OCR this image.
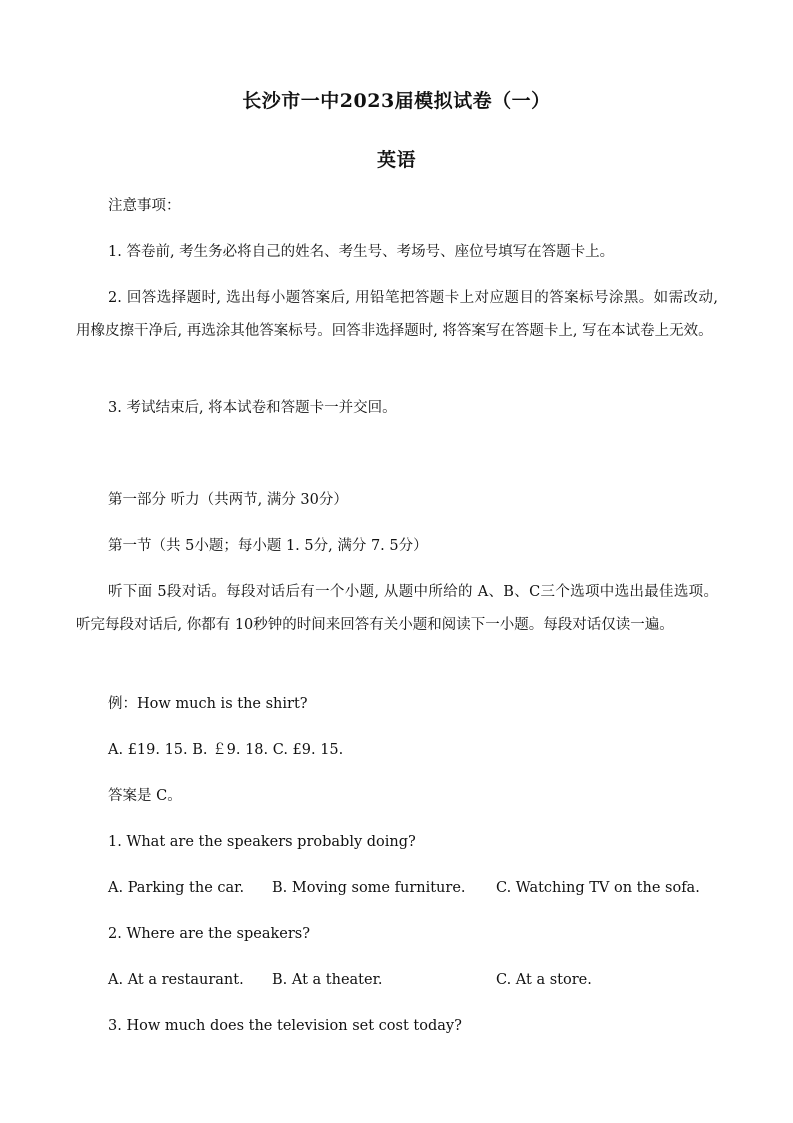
长沙市一中2023届模拟试卷（一）
英语
注意事项：
1. 答卷前, 考生务必将自己的姓名、考生号、考场号、座位号填写在答题卡上。
2. 回答选择题时, 选出每小题答案后, 用铅笔把答题卡上对应题目的答案标号涂黑。如需改动, 用橡皮擦干净后, 再选涂其他答案标号。回答非选择题时, 将答案写在答题卡上, 写在本试卷上无效。
3. 考试结束后, 将本试卷和答题卡一并交回。
第一部分 听力（共两节, 满分 30分）
第一节（共 5小题；每小题 1. 5分, 满分 7. 5分）
听下面 5段对话。每段对话后有一个小题, 从题中所给的 A、B、C三个选项中选出最佳选项。听完每段对话后, 你都有 10秒钟的时间来回答有关小题和阅读下一小题。每段对话仅读一遍。
例：How much is the shirt?
A. £19. 15. B. ￡9. 18. C. £9. 15.
答案是 C。
1. What are the speakers probably doing?
A. Parking the car. B. Moving some furniture. C. Watching TV on the sofa.
2. Where are the speakers?
A. At a restaurant. B. At a theater.	C. At a store.
3. How much does the television set cost today?
